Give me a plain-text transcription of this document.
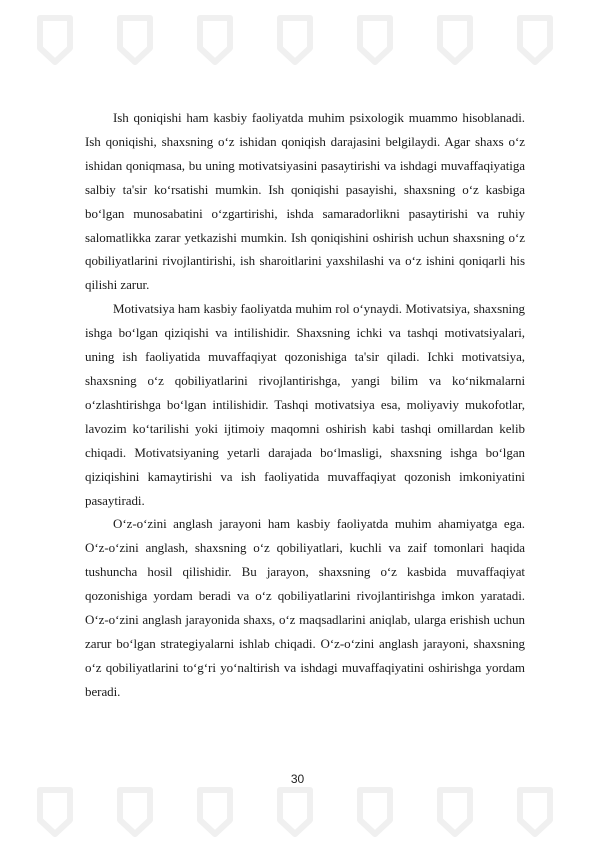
Ish qoniqishi ham kasbiy faoliyatda muhim psixologik muammo hisoblanadi. Ish qoniqishi, shaxsning o‘z ishidan qoniqish darajasini belgilaydi. Agar shaxs o‘z ishidan qoniqmasa, bu uning motivatsiyasini pasaytirishi va ishdagi muvaffaqiyatiga salbiy ta'sir ko‘rsatishi mumkin. Ish qoniqishi pasayishi, shaxsning o‘z kasbiga bo‘lgan munosabatini o‘zgartirishi, ishda samaradorlikni pasaytirishi va ruhiy salomatlikka zarar yetkazishi mumkin. Ish qoniqishini oshirish uchun shaxsning o‘z qobiliyatlarini rivojlantirishi, ish sharoitlarini yaxshilashi va o‘z ishini qoniqarli his qilishi zarur.

Motivatsiya ham kasbiy faoliyatda muhim rol o‘ynaydi. Motivatsiya, shaxsning ishga bo‘lgan qiziqishi va intilishidir. Shaxsning ichki va tashqi motivatsiyalari, uning ish faoliyatida muvaffaqiyat qozonishiga ta'sir qiladi. Ichki motivatsiya, shaxsning o‘z qobiliyatlarini rivojlantirishga, yangi bilim va ko‘nikmalarni o‘zlashtirishga bo‘lgan intilishidir. Tashqi motivatsiya esa, moliyaviy mukofotlar, lavozim ko‘tarilishi yoki ijtimoiy maqomni oshirish kabi tashqi omillardan kelib chiqadi. Motivatsiyaning yetarli darajada bo‘lmasligi, shaxsning ishga bo‘lgan qiziqishini kamaytirishi va ish faoliyatida muvaffaqiyat qozonish imkoniyatini pasaytiradi.

O‘z-o‘zini anglash jarayoni ham kasbiy faoliyatda muhim ahamiyatga ega. O‘z-o‘zini anglash, shaxsning o‘z qobiliyatlari, kuchli va zaif tomonlari haqida tushuncha hosil qilishidir. Bu jarayon, shaxsning o‘z kasbida muvaffaqiyat qozonishiga yordam beradi va o‘z qobiliyatlarini rivojlantirishga imkon yaratadi. O‘z-o‘zini anglash jarayonida shaxs, o‘z maqsadlarini aniqlab, ularga erishish uchun zarur bo‘lgan strategiyalarni ishlab chiqadi. O‘z-o‘zini anglash jarayoni, shaxsning o‘z qobiliyatlarini to‘g‘ri yo‘naltirish va ishdagi muvaffaqiyatini oshirishga yordam beradi.

30
